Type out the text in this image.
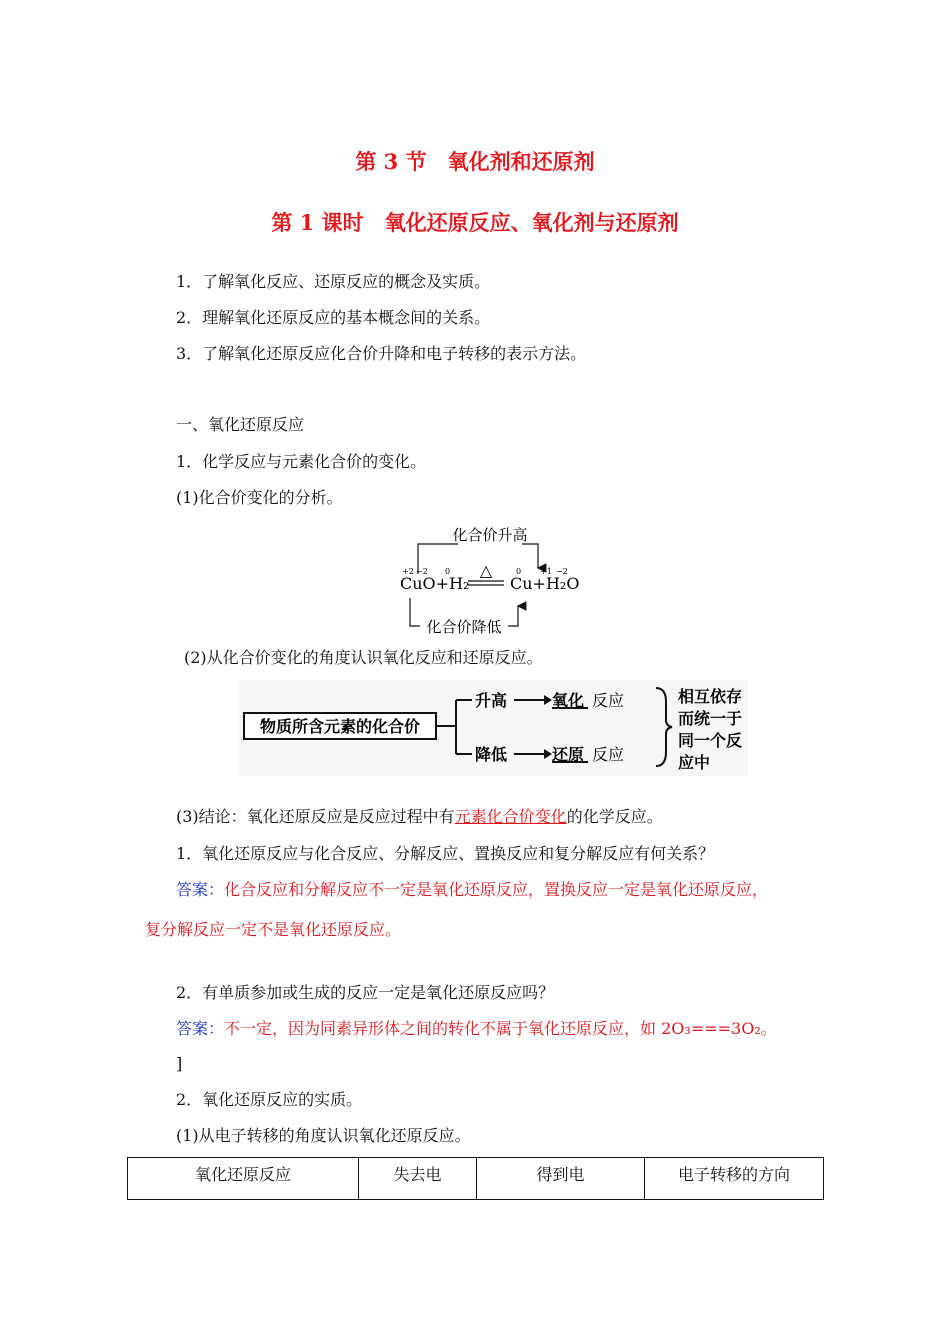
第 3 节　氧化剂和还原剂
第 1 课时　氧化还原反应、氧化剂与还原剂
1．了解氧化反应、还原反应的概念及实质。
2．理解氧化还原反应的基本概念间的关系。
3．了解氧化还原反应化合价升降和电子转移的表示方法。
一、氧化还原反应
1．化学反应与元素化合价的变化。
(1)化合价变化的分析。
化合价升高
化合价降低
△
+2 −2 0	0 +1 −2
CuO+H₂	Cu+H₂O
(2)从化合价变化的角度认识氧化反应和还原反应。
物质所含元素的化合价
升高	氧化 反应
降低	还原 反应
相互依存
而统一于
同一个反
应中
(3)结论：氧化还原反应是反应过程中有元素化合价变化的化学反应。
1．氧化还原反应与化合反应、分解反应、置换反应和复分解反应有何关系？
答案：化合反应和分解反应不一定是氧化还原反应，置换反应一定是氧化还原反应，
复分解反应一定不是氧化还原反应。
2．有单质参加或生成的反应一定是氧化还原反应吗？
答案：不一定，因为同素异形体之间的转化不属于氧化还原反应，如 2O₃===3O₂。
]
2．氧化还原反应的实质。
(1)从电子转移的角度认识氧化还原反应。
氧化还原反应	失去电	得到电	电子转移的方向
